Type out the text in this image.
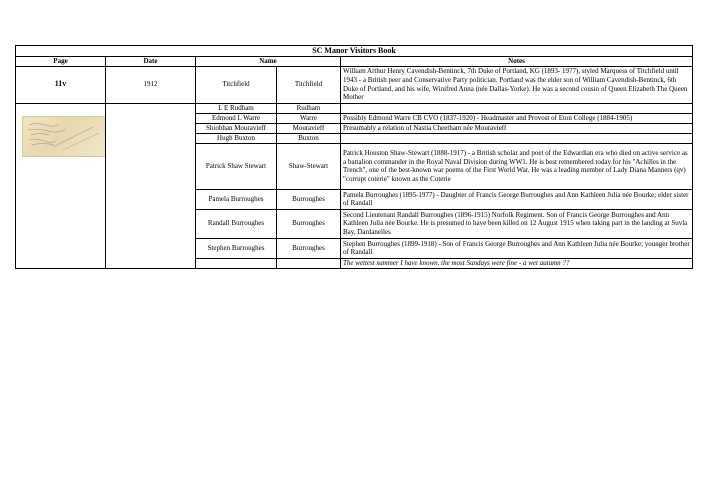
SC Manor Visitors Book				
Page	Date	Name		Notes
11v	1912	Titchfield	Titchfield	William Arthur Henry Cavendish-Bentinck, 7th Duke of Portland, KG (1893- 1977), styled Marquess of Titchfield until 1943 - a British peer and Conservative Party politician. Portland was the elder son of William Cavendish-Bentinck, 6th Duke of Portland, and his wife, Winifred Anna (née Dallas-Yorke). He was a second cousin of Queen Elizabeth The Queen Mother

		L E Rudham	Rudham	
		Edmond L Warre	Warre	Possibly Edmond Warre CB CVO (1837-1920) - Headmaster and Provost of Eton College (1884-1905)
		Shiobhan Mouravieff	Mouravieff	Presumably a relation of Nastia Cheetham née Mouravieff
		Hugh Buxton	Buxton	
		Patrick Shaw Stewart	Shaw-Stewart	Patrick Houston Shaw-Stewart (1888-1917) - a British scholar and poet of the Edwardian era who died on active service as a battalion commander in the Royal Naval Division during WW1. He is best remembered today for his "Achilles in the Trench", one of the best-known war poems of the First World War. He was a leading member of Lady Diana Manners (qv) "corrupt coterie" known as the Coterie
		Pamela Burroughes	Burroughes	Pamela Burroughes (1895-1977) - Daughter of Francis George Burroughes and Ann Kathleen Julia née Bourke; elder sister of Randall
		Randall Burroughes	Burroughes	Second Lieutenant Randall Burroughes (1896-1915) Norfolk Regiment. Son of Francis George Burroughes and Ann Kathleen Julia née Bourke. He is presumed to have been killed on 12 August 1915 when taking part in the landing at Suvla Bay, Dardanelles
		Stephen Burroughes	Burroughes	Stephen Burroughes (1899-1918) - Son of Francis George Burroughes and Ann Kathleen Julia née Bourke; younger brother of Randall
				The wettest summer I have known, the most Sundays were fine - a wet autumn ??
